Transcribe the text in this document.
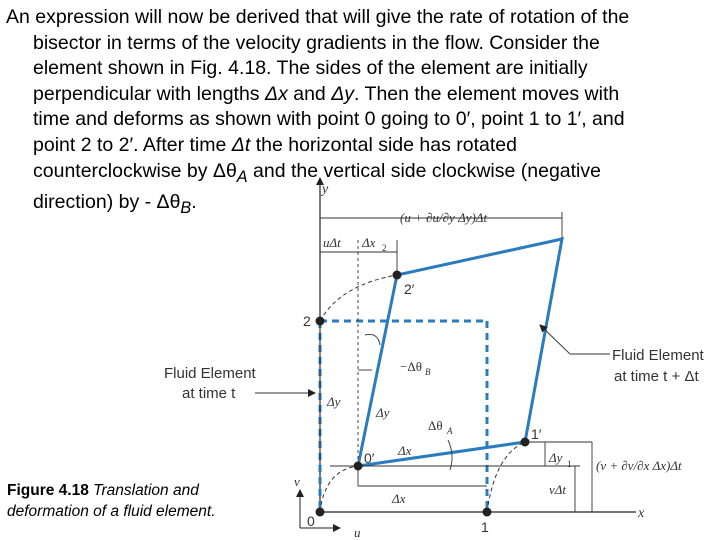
An expression will now be derived that will give the rate of rotation of the

bisector in terms of the velocity gradients in the flow. Consider the

element shown in Fig. 4.18. The sides of the element are initially

perpendicular with lengths Δx and Δy. Then the element moves with

time and deforms as shown with point 0 going to 0′, point 1 to 1′, and

point 2 to 2′. After time Δt the horizontal side has rotated

counterclockwise by $\Delta\theta_A$ and the vertical side clockwise (negative

direction) by - $\Delta\theta_B$.

Fluid Element
at time t
Fluid Element
at time t + Δt
(u + ∂u/∂y Δy)Δt
(v + ∂v/∂x Δx)Δt
uΔt Δx 2
Δy 1
vΔt
−Δθ B
Δθ A
Δy
Δy
Δx
Δx
2
0	1
2′
0′
1′
x
y
u
v
Figure 4.18 Translation and deformation of a fluid element.
